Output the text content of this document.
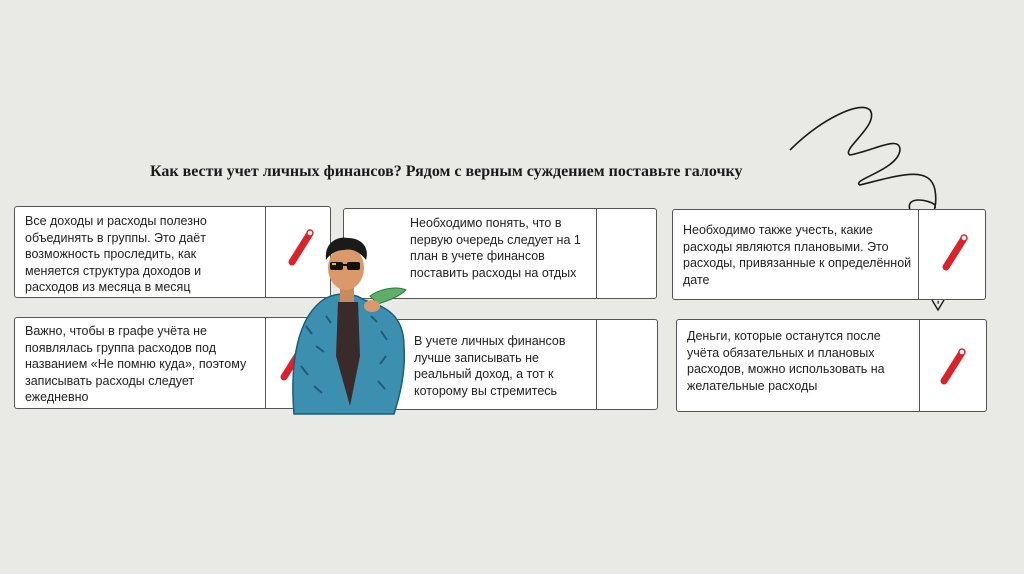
Как вести учет личных финансов? Рядом с верным суждением поставьте галочку
Все доходы и расходы полезно объединять в группы. Это даёт возможность проследить, как меняется структура доходов и расходов из месяца в месяц
Необходимо понять, что в первую очередь следует на 1 план в учете финансов поставить расходы на отдых
Необходимо также учесть, какие расходы являются плановыми. Это расходы, привязанные к определённой дате
Важно, чтобы в графе учёта не появлялась группа расходов под названием «Не помню куда», поэтому записывать расходы следует ежедневно
В учете личных финансов лучше записывать не реальный доход, а тот к которому вы стремитесь
Деньги, которые останутся после учёта обязательных и плановых расходов, можно использовать на желательные расходы
